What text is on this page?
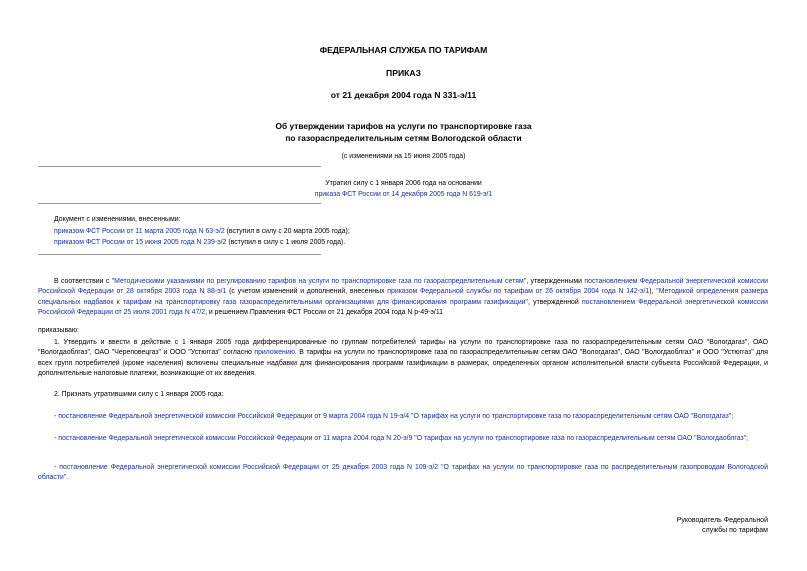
ФЕДЕРАЛЬНАЯ СЛУЖБА ПО ТАРИФАМ
ПРИКАЗ
от 21 декабря 2004 года N 331-э/11
Об утверждении тарифов на услуги по транспортировке газа
по газораспределительным сетям Вологодской области
(с изменениями на 15 июня 2005 года)
Утратил силу с 1 января 2006 года на основании
приказа ФСТ России от 14 декабря 2005 года N 619-э/1
Документ с изменениями, внесенными:
приказом ФСТ России от 11 марта 2005 года N 63-э/2 (вступил в силу с 20 марта 2005 года);
приказом ФСТ России от 15 июня 2005 года N 239-э/2 (вступил в силу с 1 июля 2005 года).
В соответствии с "Методическими указаниями по регулированию тарифов на услуги по транспортировке газа по газораспределительным сетям", утвержденными постановлением Федеральной энергетической комиссии Российской Федерации от 28 октября 2003 года N 88-э/1 (с учетом изменений и дополнений, внесенных приказом Федеральной службы по тарифам от 26 октября 2004 года N 142-э/1), "Методикой определения размера специальных надбавок к тарифам на транспортировку газа газораспределительными организациями для финансирования программ газификации", утвержденной постановлением Федеральной энергетической комиссии Российской Федерации от 25 июля 2001 года N 47/2, и решением Правления ФСТ России от 21 декабря 2004 года N р-49-э/11
приказываю:
1. Утвердить и ввести в действие с 1 января 2005 года дифференцированные по группам потребителей тарифы на услуги по транспортировке газа по газораспределительным сетям ОАО "Вологдагаз", ОАО "Вологдаоблгаз", ОАО "Череповецгаз" и ООО "Устюггаз" согласно приложению. В тарифы на услуги по транспортировке газа по газораспределительным сетям ОАО "Вологдагаз", ОАО "Вологдаоблгаз" и ООО "Устюггаз" для всех групп потребителей (кроме населения) включены специальные надбавки для финансирования программ газификации в размерах, определенных органом исполнительной власти субъекта Российской Федерации, и дополнительные налоговые платежи, возникающие от их введения.
2. Признать утратившими силу с 1 января 2005 года:
- постановление Федеральной энергетической комиссии Российской Федерации от 9 марта 2004 года N 19-э/4 "О тарифах на услуги по транспортировке газа по газораспределительным сетям ОАО "Вологдагаз";
- постановление Федеральной энергетической комиссии Российской Федерации от 11 марта 2004 года N 20-э/9 "О тарифах на услуги по транспортировке газа по газораспределительным сетям ОАО "Вологдаоблгаз";
- постановление Федеральной энергетической комиссии Российской Федерации от 25 декабря 2003 года N 109-э/2 "О тарифах на услуги по транспортировке газа по распределительным газопроводам Вологодской области".
Руководитель Федеральной
службы по тарифам
